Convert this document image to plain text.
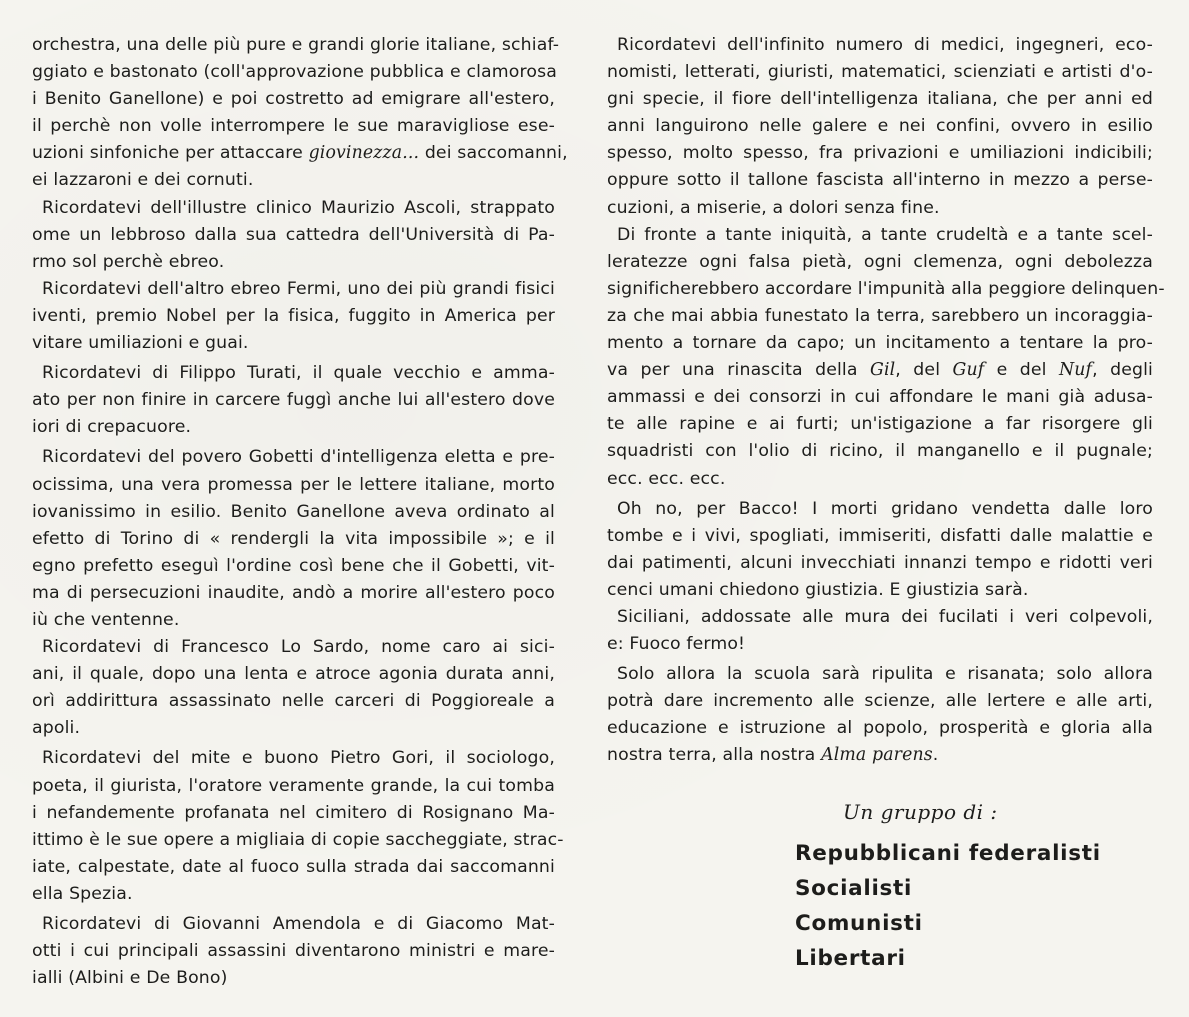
orchestra, una delle più pure e grandi glorie italiane, schiaf-
ggiato e bastonato (coll'approvazione pubblica e clamorosa
i Benito Ganellone) e poi costretto ad emigrare all'estero,
il perchè non volle interrompere le sue maravigliose ese-
uzioni sinfoniche per attaccare giovinezza... dei saccomanni,
ei lazzaroni e dei cornuti.
Ricordatevi dell'illustre clinico Maurizio Ascoli, strappato
ome un lebbroso dalla sua cattedra dell'Università di Pa-
rmo sol perchè ebreo.
Ricordatevi dell'altro ebreo Fermi, uno dei più grandi fisici
iventi, premio Nobel per la fisica, fuggito in America per
vitare umiliazioni e guai.
Ricordatevi di Filippo Turati, il quale vecchio e amma-
ato per non finire in carcere fuggì anche lui all'estero dove
iori di crepacuore.
Ricordatevi del povero Gobetti d'intelligenza eletta e pre-
ocissima, una vera promessa per le lettere italiane, morto
iovanissimo in esilio. Benito Ganellone aveva ordinato al
efetto di Torino di « rendergli la vita impossibile »; e il
egno prefetto eseguì l'ordine così bene che il Gobetti, vit-
ma di persecuzioni inaudite, andò a morire all'estero poco
iù che ventenne.
Ricordatevi di Francesco Lo Sardo, nome caro ai sici-
ani, il quale, dopo una lenta e atroce agonia durata anni,
orì addirittura assassinato nelle carceri di Poggioreale a
apoli.
Ricordatevi del mite e buono Pietro Gori, il sociologo,
poeta, il giurista, l'oratore veramente grande, la cui tomba
i nefandemente profanata nel cimitero di Rosignano Ma-
ittimo è le sue opere a migliaia di copie saccheggiate, strac-
iate, calpestate, date al fuoco sulla strada dai saccomanni
ella Spezia.
Ricordatevi di Giovanni Amendola e di Giacomo Mat-
otti i cui principali assassini diventarono ministri e mare-
ialli (Albini e De Bono)
Ricordatevi dell'infinito numero di medici, ingegneri, eco-
nomisti, letterati, giuristi, matematici, scienziati e artisti d'o-
gni specie, il fiore dell'intelligenza italiana, che per anni ed
anni languirono nelle galere e nei confini, ovvero in esilio
spesso, molto spesso, fra privazioni e umiliazioni indicibili;
oppure sotto il tallone fascista all'interno in mezzo a perse-
cuzioni, a miserie, a dolori senza fine.
Di fronte a tante iniquità, a tante crudeltà e a tante scel-
leratezze ogni falsa pietà, ogni clemenza, ogni debolezza
significherebbero accordare l'impunità alla peggiore delinquen-
za che mai abbia funestato la terra, sarebbero un incoraggia-
mento a tornare da capo; un incitamento a tentare la pro-
va per una rinascita della Gil, del Guf e del Nuf, degli
ammassi e dei consorzi in cui affondare le mani già adusa-
te alle rapine e ai furti; un'istigazione a far risorgere gli
squadristi con l'olio di ricino, il manganello e il pugnale;
ecc. ecc. ecc.
Oh no, per Bacco! I morti gridano vendetta dalle loro
tombe e i vivi, spogliati, immiseriti, disfatti dalle malattie e
dai patimenti, alcuni invecchiati innanzi tempo e ridotti veri
cenci umani chiedono giustizia. E giustizia sarà.
Siciliani, addossate alle mura dei fucilati i veri colpevoli,
e: Fuoco fermo!
Solo allora la scuola sarà ripulita e risanata; solo allora
potrà dare incremento alle scienze, alle lertere e alle arti,
educazione e istruzione al popolo, prosperità e gloria alla
nostra terra, alla nostra Alma parens.
Un gruppo di :
Repubblicani federalisti
Socialisti
Comunisti
Libertari
